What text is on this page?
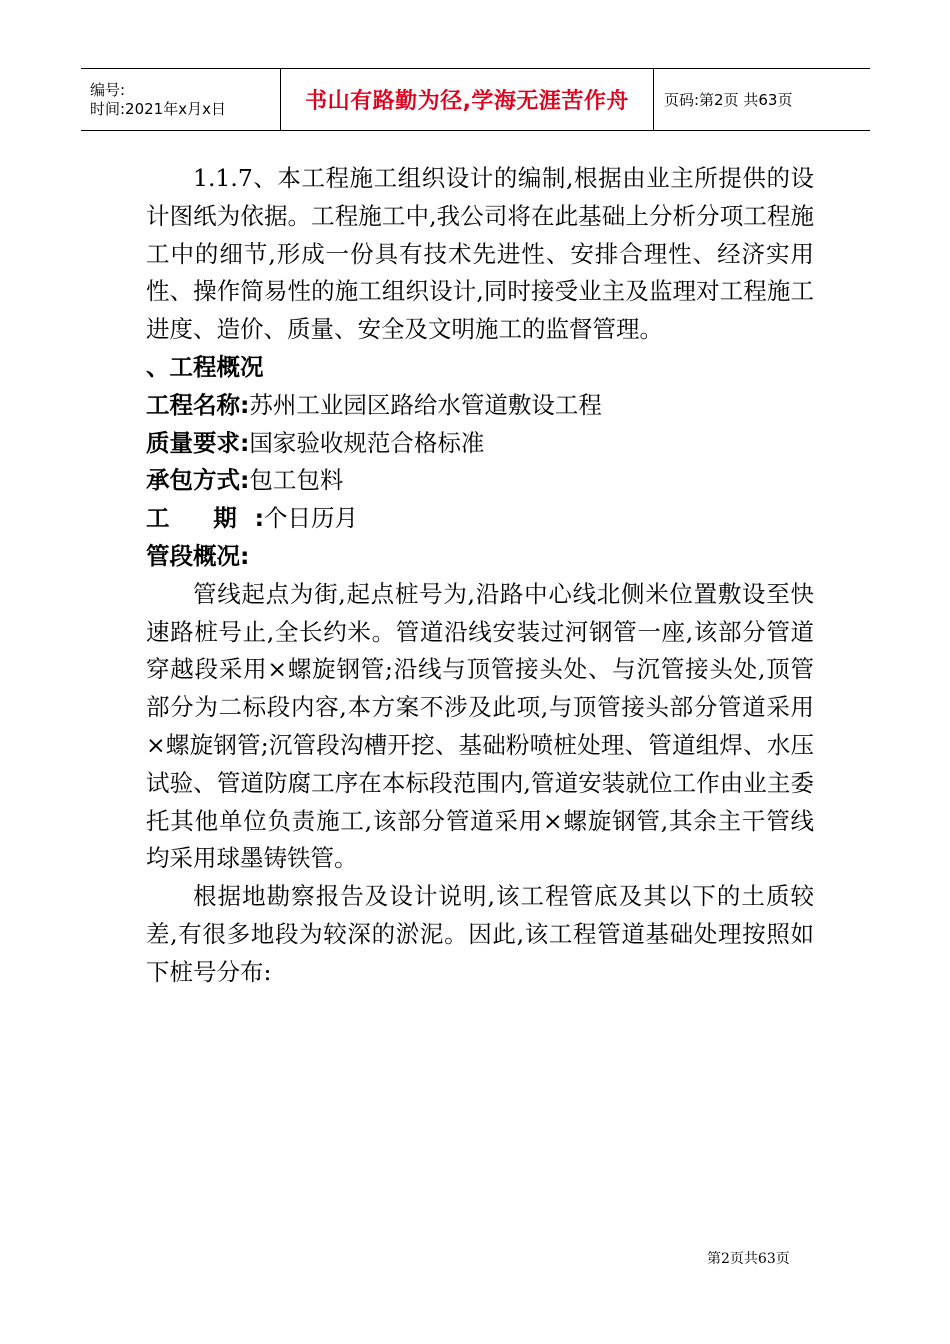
编号:
时间:2021年x月x日	书山有路勤为径,学海无涯苦作舟	页码:第2页 共63页

1.1.7、本工程施工组织设计的编制,根据由业主所提供的设计图纸为依据。工程施工中,我公司将在此基础上分析分项工程施工中的细节,形成一份具有技术先进性、安排合理性、经济实用性、操作简易性的施工组织设计,同时接受业主及监理对工程施工进度、造价、质量、安全及文明施工的监督管理。

、工程概况

工程名称:苏州工业园区路给水管道敷设工程

质量要求:国家验收规范合格标准

承包方式:包工包料

工 期:个日历月

管段概况:

管线起点为街,起点桩号为,沿路中心线北侧米位置敷设至快速路桩号止,全长约米。管道沿线安装过河钢管一座,该部分管道穿越段采用×螺旋钢管;沿线与顶管接头处、与沉管接头处,顶管部分为二标段内容,本方案不涉及此项,与顶管接头部分管道采用×螺旋钢管;沉管段沟槽开挖、基础粉喷桩处理、管道组焊、水压试验、管道防腐工序在本标段范围内,管道安装就位工作由业主委托其他单位负责施工,该部分管道采用×螺旋钢管,其余主干管线均采用球墨铸铁管。

根据地勘察报告及设计说明,该工程管底及其以下的土质较差,有很多地段为较深的淤泥。因此,该工程管道基础处理按照如下桩号分布:

第2页共63页
